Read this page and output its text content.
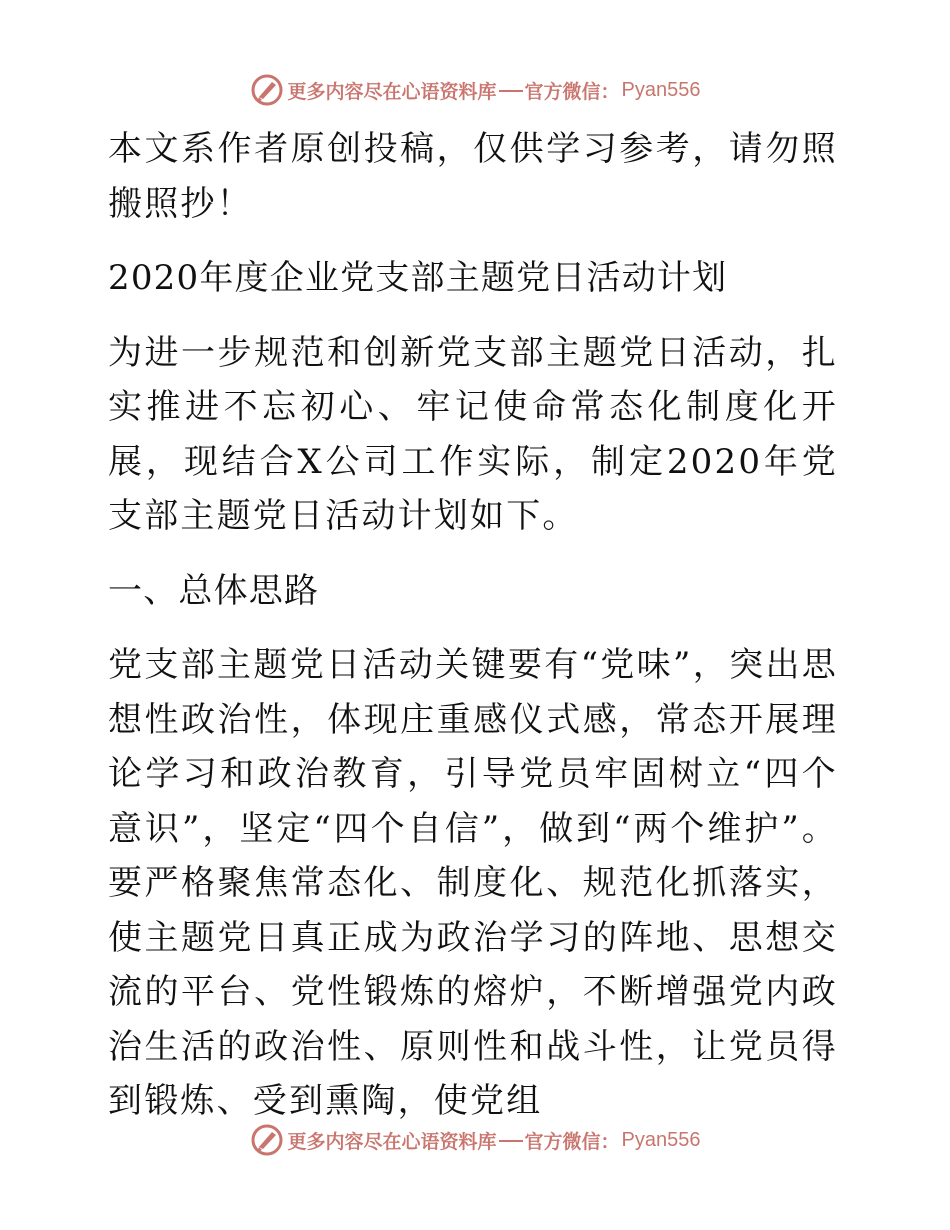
更多内容尽在心语资料库 官方微信： Pyan556

本文系作者原创投稿，仅供学习参考，请勿照搬照抄！

2020年度企业党支部主题党日活动计划

为进一步规范和创新党支部主题党日活动，扎实推进不忘初心、牢记使命常态化制度化开展，现结合X公司工作实际，制定2020年党支部主题党日活动计划如下。

一、总体思路

党支部主题党日活动关键要有“党味”，突出思想性政治性，体现庄重感仪式感，常态开展理论学习和政治教育，引导党员牢固树立“四个意识”，坚定“四个自信”，做到“两个维护”。要严格聚焦常态化、制度化、规范化抓落实，使主题党日真正成为政治学习的阵地、思想交流的平台、党性锻炼的熔炉，不断增强党内政治生活的政治性、原则性和战斗性，让党员得到锻炼、受到熏陶，使党组

更多内容尽在心语资料库 官方微信： Pyan556
